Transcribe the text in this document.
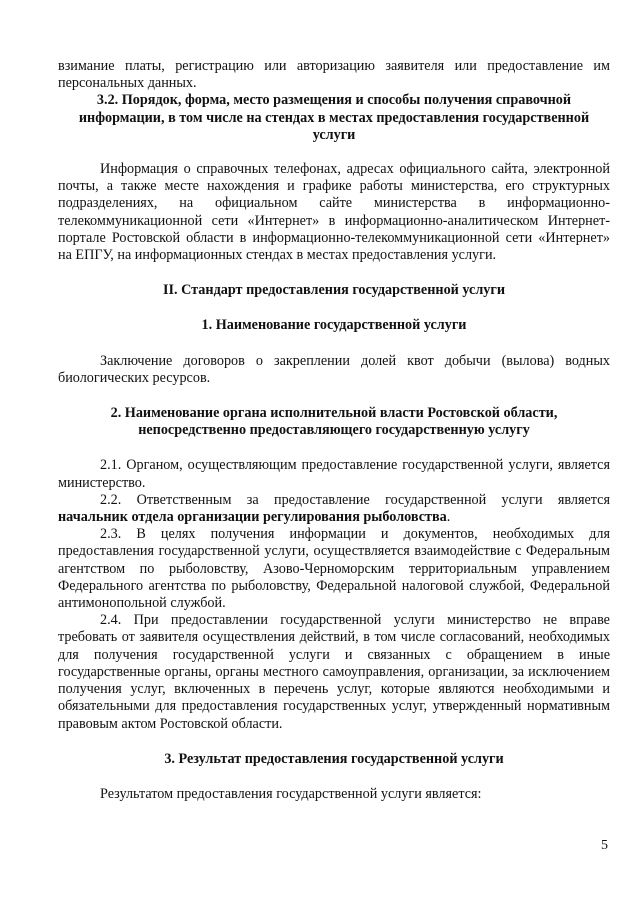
взимание платы, регистрацию или авторизацию заявителя или предоставление им персональных данных.

3.2. Порядок, форма, место размещения и способы получения справочной информации, в том числе на стендах в местах предоставления государственной услуги

Информация о справочных телефонах, адресах официального сайта, электронной почты, а также месте нахождения и графике работы министерства, его структурных подразделениях, на официальном сайте министерства в информационно-телекоммуникационной сети «Интернет» в информационно-аналитическом Интернет-портале Ростовской области в информационно-телекоммуникационной сети «Интернет» на ЕПГУ, на информационных стендах в местах предоставления услуги.

II. Стандарт предоставления государственной услуги

1. Наименование государственной услуги

Заключение договоров о закреплении долей квот добычи (вылова) водных биологических ресурсов.

2. Наименование органа исполнительной власти Ростовской области, непосредственно предоставляющего государственную услугу

2.1. Органом, осуществляющим предоставление государственной услуги, является министерство.

2.2. Ответственным за предоставление государственной услуги является начальник отдела организации регулирования рыболовства.

2.3. В целях получения информации и документов, необходимых для предоставления государственной услуги, осуществляется взаимодействие с Федеральным агентством по рыболовству, Азово-Черноморским территориальным управлением Федерального агентства по рыболовству, Федеральной налоговой службой, Федеральной антимонопольной службой.

2.4. При предоставлении государственной услуги министерство не вправе требовать от заявителя осуществления действий, в том числе согласований, необходимых для получения государственной услуги и связанных с обращением в иные государственные органы, органы местного самоуправления, организации, за исключением получения услуг, включенных в перечень услуг, которые являются необходимыми и обязательными для предоставления государственных услуг, утвержденный нормативным правовым актом Ростовской области.

3. Результат предоставления государственной услуги

Результатом предоставления государственной услуги является:

5
